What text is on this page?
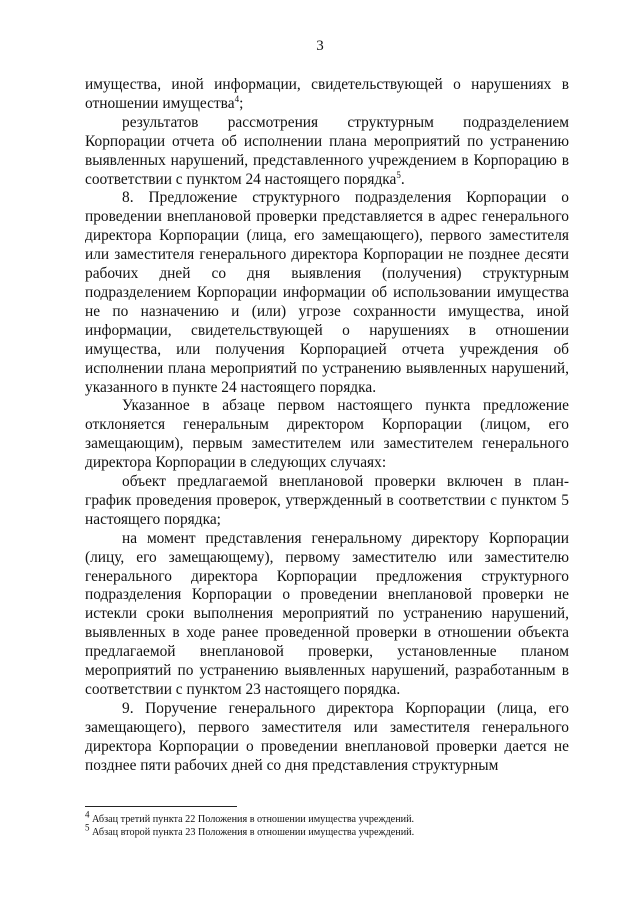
3

имущества, иной информации, свидетельствующей о нарушениях в отношении имущества$^4$;

результатов рассмотрения структурным подразделением Корпорации отчета об исполнении плана мероприятий по устранению выявленных нарушений, представленного учреждением в Корпорацию в соответствии с пунктом 24 настоящего порядка$^5$.

8. Предложение структурного подразделения Корпорации о проведении внеплановой проверки представляется в адрес генерального директора Корпорации (лица, его замещающего), первого заместителя или заместителя генерального директора Корпорации не позднее десяти рабочих дней со дня выявления (получения) структурным подразделением Корпорации информации об использовании имущества не по назначению и (или) угрозе сохранности имущества, иной информации, свидетельствующей о нарушениях в отношении имущества, или получения Корпорацией отчета учреждения об исполнении плана мероприятий по устранению выявленных нарушений, указанного в пункте 24 настоящего порядка.

Указанное в абзаце первом настоящего пункта предложение отклоняется генеральным директором Корпорации (лицом, его замещающим), первым заместителем или заместителем генерального директора Корпорации в следующих случаях:

объект предлагаемой внеплановой проверки включен в план-график проведения проверок, утвержденный в соответствии с пунктом 5 настоящего порядка;

на момент представления генеральному директору Корпорации (лицу, его замещающему), первому заместителю или заместителю генерального директора Корпорации предложения структурного подразделения Корпорации о проведении внеплановой проверки не истекли сроки выполнения мероприятий по устранению нарушений, выявленных в ходе ранее проведенной проверки в отношении объекта предлагаемой внеплановой проверки, установленные планом мероприятий по устранению выявленных нарушений, разработанным в соответствии с пунктом 23 настоящего порядка.

9. Поручение генерального директора Корпорации (лица, его замещающего), первого заместителя или заместителя генерального директора Корпорации о проведении внеплановой проверки дается не позднее пяти рабочих дней со дня представления структурным

$^4$ Абзац третий пункта 22 Положения в отношении имущества учреждений.
$^5$ Абзац второй пункта 23 Положения в отношении имущества учреждений.
